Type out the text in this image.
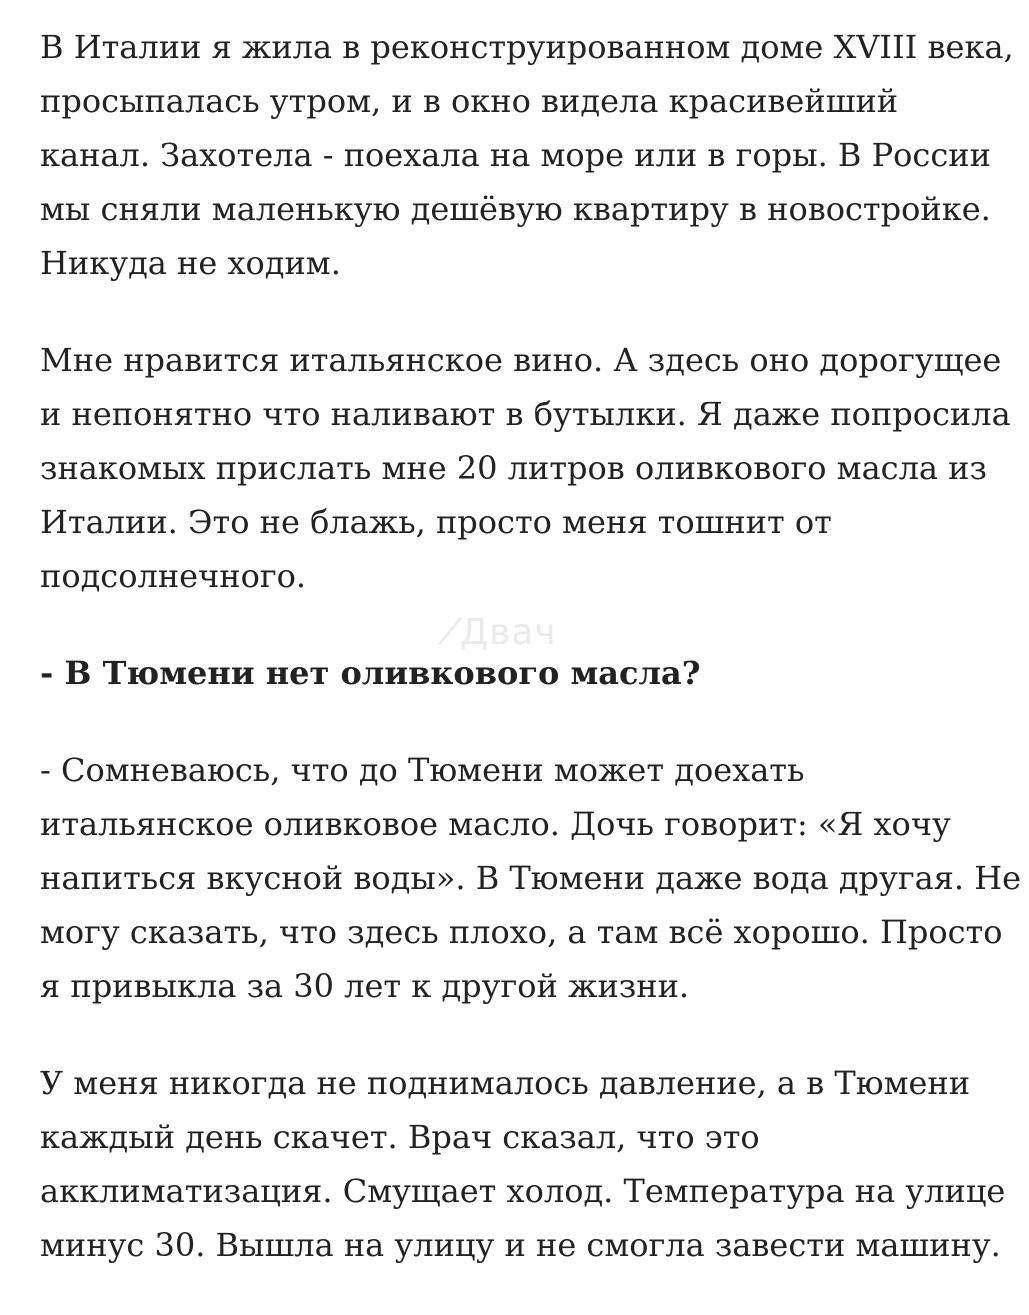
В Италии я жила в реконструированном доме XVIII века,
просыпалась утром, и в окно видела красивейший
канал. Захотела - поехала на море или в горы. В России
мы сняли маленькую дешёвую квартиру в новостройке.
Никуда не ходим.

Мне нравится итальянское вино. А здесь оно дорогущее
и непонятно что наливают в бутылки. Я даже попросила
знакомых прислать мне 20 литров оливкового масла из
Италии. Это не блажь, просто меня тошнит от
подсолнечного.

- В Тюмени нет оливкового масла?

- Сомневаюсь, что до Тюмени может доехать
итальянское оливковое масло. Дочь говорит: «Я хочу
напиться вкусной воды». В Тюмени даже вода другая. Не
могу сказать, что здесь плохо, а там всё хорошо. Просто
я привыкла за 30 лет к другой жизни.

У меня никогда не поднималось давление, а в Тюмени
каждый день скачет. Врач сказал, что это
акклиматизация. Смущает холод. Температура на улице
минус 30. Вышла на улицу и не смогла завести машину.

⁄ Двач
